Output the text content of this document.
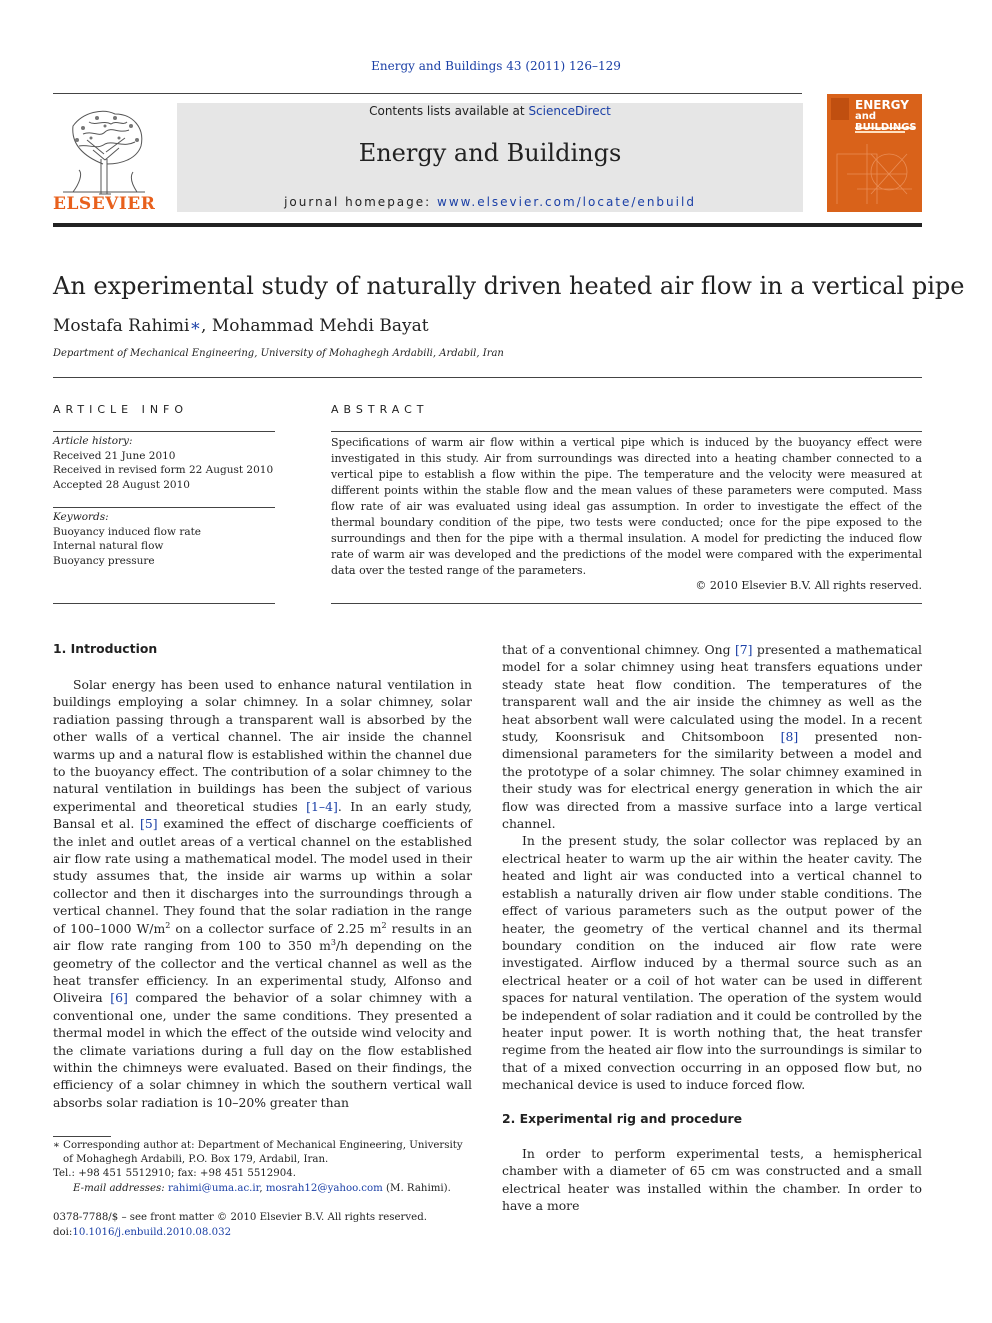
Energy and Buildings 43 (2011) 126–129
ELSEVIER
Contents lists available at ScienceDirect
Energy and Buildings
journal homepage: www.elsevier.com/locate/enbuild
ENERGY
and BUILDINGS
An experimental study of naturally driven heated air flow in a vertical pipe
Mostafa Rahimi∗, Mohammad Mehdi Bayat
Department of Mechanical Engineering, University of Mohaghegh Ardabili, Ardabil, Iran
ARTICLE INFO	ABSTRACT
Article history:
Received 21 June 2010
Received in revised form 22 August 2010
Accepted 28 August 2010
Keywords:
Buoyancy induced flow rate
Internal natural flow
Buoyancy pressure
Specifications of warm air flow within a vertical pipe which is induced by the buoyancy effect were investigated in this study. Air from surroundings was directed into a heating chamber connected to a vertical pipe to establish a flow within the pipe. The temperature and the velocity were measured at different points within the stable flow and the mean values of these parameters were computed. Mass flow rate of air was evaluated using ideal gas assumption. In order to investigate the effect of the thermal boundary condition of the pipe, two tests were conducted; once for the pipe exposed to the surroundings and then for the pipe with a thermal insulation. A model for predicting the induced flow rate of warm air was developed and the predictions of the model were compared with the experimental data over the tested range of the parameters.
© 2010 Elsevier B.V. All rights reserved.
1. Introduction

Solar energy has been used to enhance natural ventilation in buildings employing a solar chimney. In a solar chimney, solar radiation passing through a transparent wall is absorbed by the other walls of a vertical channel. The air inside the channel warms up and a natural flow is established within the channel due to the buoyancy effect. The contribution of a solar chimney to the natural ventilation in buildings has been the subject of various experimental and theoretical studies [1–4]. In an early study, Bansal et al. [5] examined the effect of discharge coefficients of the inlet and outlet areas of a vertical channel on the established air flow rate using a mathematical model. The model used in their study assumes that, the inside air warms up within a solar collector and then it discharges into the surroundings through a vertical channel. They found that the solar radiation in the range of 100–1000 $W/m^2$ on a collector surface of 2.25 $m^2$ results in an air flow rate ranging from 100 to 350 $m^3/h$ depending on the geometry of the collector and the vertical channel as well as the heat transfer efficiency. In an experimental study, Alfonso and Oliveira [6] compared the behavior of a solar chimney with a conventional one, under the same conditions. They presented a thermal model in which the effect of the outside wind velocity and the climate variations during a full day on the flow established within the chimneys were evaluated. Based on their findings, the efficiency of a solar chimney in which the southern vertical wall absorbs solar radiation is 10–20% greater than

that of a conventional chimney. Ong [7] presented a mathematical model for a solar chimney using heat transfers equations under steady state heat flow condition. The temperatures of the transparent wall and the air inside the chimney as well as the heat absorbent wall were calculated using the model. In a recent study, Koonsrisuk and Chitsomboon [8] presented non-dimensional parameters for the similarity between a model and the prototype of a solar chimney. The solar chimney examined in their study was for electrical energy generation in which the air flow was directed from a massive surface into a large vertical channel.

In the present study, the solar collector was replaced by an electrical heater to warm up the air within the heater cavity. The heated and light air was conducted into a vertical channel to establish a naturally driven air flow under stable conditions. The effect of various parameters such as the output power of the heater, the geometry of the vertical channel and its thermal boundary condition on the induced air flow rate were investigated. Airflow induced by a thermal source such as an electrical heater or a coil of hot water can be used in different spaces for natural ventilation. The operation of the system would be independent of solar radiation and it could be controlled by the heater input power. It is worth nothing that, the heat transfer regime from the heated air flow into the surroundings is similar to that of a mixed convection occurring in an opposed flow but, no mechanical device is used to induce forced flow.

2. Experimental rig and procedure

In order to perform experimental tests, a hemispherical chamber with a diameter of 65 cm was constructed and a small electrical heater was installed within the chamber. In order to have a more

∗ Corresponding author at: Department of Mechanical Engineering, University of Mohaghegh Ardabili, P.O. Box 179, Ardabil, Iran.
Tel.: +98 451 5512910; fax: +98 451 5512904.
E-mail addresses: rahimi@uma.ac.ir, mosrah12@yahoo.com (M. Rahimi).
0378-7788/$ – see front matter © 2010 Elsevier B.V. All rights reserved.
doi:10.1016/j.enbuild.2010.08.032
